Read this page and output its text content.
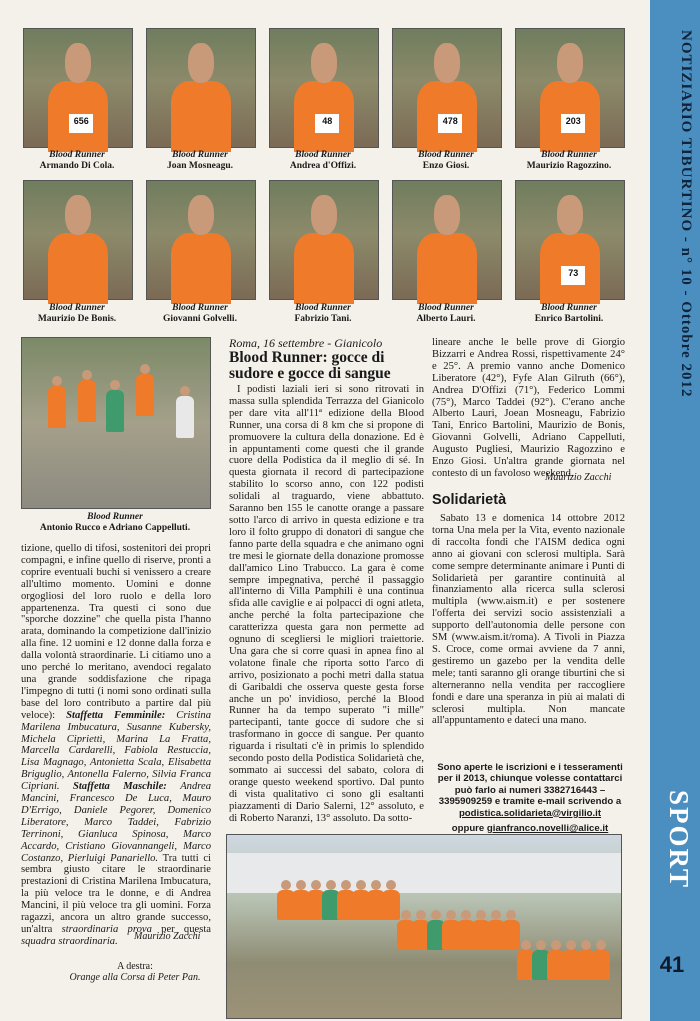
NOTIZIARIO TIBURTINO - n° 10 - Ottobre 2012
SPORT
41
656
Blood Runner
Armando Di Cola.
Blood Runner
Joan Mosneagu.
48
Blood Runner
Andrea d'Offizi.
478
Blood Runner
Enzo Giosi.
203
Blood Runner
Maurizio Ragozzino.
Blood Runner
Maurizio De Bonis.
Blood Runner
Giovanni Golvelli.
Blood Runner
Fabrizio Tani.
Blood Runner
Alberto Lauri.
73
Blood Runner
Enrico Bartolini.
Blood Runner
Antonio Rucco e Adriano Cappelluti.
Roma, 16 settembre - Gianicolo
Blood Runner: gocce di sudore e gocce di sangue

I podisti laziali ieri si sono ritrovati in massa sulla splendida Terrazza del Gianicolo per dare vita all'11ª edizione della Blood Runner, una corsa di 8 km che si propone di promuovere la cultura della donazione. Ed è in appuntamenti come questi che il grande cuore della Podistica da il meglio di sé. In questa giornata il record di partecipazione stabilito lo scorso anno, con 122 podisti solidali al traguardo, viene abbattuto. Saranno ben 155 le canotte orange a passare sotto l'arco di arrivo in questa edizione e tra loro il folto gruppo di donatori di sangue che fanno parte della squadra e che animano ogni tre mesi le giornate della donazione promosse dall'amico Lino Trabucco. La gara è come sempre impegnativa, perché il passaggio all'interno di Villa Pamphili è una continua sfida alle caviglie e ai polpacci di ogni atleta, anche perché la folta partecipazione che caratterizza questa gara non permette ad ognuno di scegliersi le migliori traiettorie. Una gara che si corre quasi in apnea fino al volatone finale che riporta sotto l'arco di arrivo, posizionato a pochi metri dalla statua di Garibaldi che osserva queste gesta forse anche un po' invidioso, perché la Blood Runner ha da tempo superato "i mille" partecipanti, tante gocce di sudore che si trasformano in gocce di sangue. Per quanto riguarda i risultati c'è in primis lo splendido secondo posto della Podistica Solidarietà che, sommato ai successi del sabato, colora di orange questo weekend sportivo. Dal punto di vista qualitativo ci sono gli esaltanti piazzamenti di Dario Salerni, 12° assoluto, e di Roberto Naranzi, 13° assoluto. Da sotto-

lineare anche le belle prove di Giorgio Bizzarri e Andrea Rossi, rispettivamente 24° e 25°. A premio vanno anche Domenico Liberatore (42°), Fyfe Alan Gilruth (66°), Andrea D'Offizi (71°), Federico Lommi (75°), Marco Taddei (92°). C'erano anche Alberto Lauri, Joean Mosneagu, Fabrizio Tani, Enrico Bartolini, Maurizio de Bonis, Giovanni Golvelli, Adriano Cappelluti, Augusto Pugliesi, Maurizio Ragozzino e Enzo Giosi. Un'altra grande giornata nel contesto di un favoloso weekend.

Maurizio Zacchi
Solidarietà

Sabato 13 e domenica 14 ottobre 2012 torna Una mela per la Vita, evento nazionale di raccolta fondi che l'AISM dedica ogni anno ai giovani con sclerosi multipla. Sarà come sempre determinante animare i Punti di Solidarietà per garantire continuità al finanziamento alla ricerca sulla sclerosi multipla (www.aism.it) e per sostenere l'offerta dei servizi socio assistenziali a supporto dell'autonomia delle persone con SM (www.aism.it/roma). A Tivoli in Piazza S. Croce, come ormai avviene da 7 anni, gestiremo un gazebo per la vendita delle mele; tanti saranno gli orange tiburtini che si alterneranno nella vendita per raccogliere fondi e dare una speranza in più ai malati di sclerosi multipla. Non mancate all'appuntamento e dateci una mano.

Sono aperte le iscrizioni e i tesseramenti per il 2013, chiunque volesse contattarci può farlo ai numeri 3382716443 – 3395909259 e tramite e-mail scrivendo a
podistica.solidarieta@virgilio.it
oppure gianfranco.novelli@alice.it

tizione, quello di tifosi, sostenitori dei propri compagni, e infine quello di riserve, pronti a coprire eventuali buchi si venissero a creare all'ultimo momento. Uomini e donne orgogliosi del loro ruolo e della loro appartenenza. Tra questi ci sono due "sporche dozzine" che quella pista l'hanno arata, dominando la competizione dall'inizio alla fine. 12 uomini e 12 donne dalla forza e dalla volontà straordinarie. Li citiamo uno a uno perché lo meritano, avendoci regalato una grande soddisfazione che ripaga l'impegno di tutti (i nomi sono ordinati sulla base del loro contributo a partire dal più veloce): Staffetta Femminile: Cristina Marilena Imbucatura, Susanne Kubersky, Michela Cipriettì, Marina La Fratta, Marcella Cardarelli, Fabiola Restuccia, Lisa Magnago, Antonietta Scala, Elisabetta Briguglio, Antonella Falerno, Silvia Franca Cipriani. Staffetta Maschile: Andrea Mancini, Francesco De Luca, Mauro D'Errigo, Daniele Pegorer, Domenico Liberatore, Marco Taddei, Fabrizio Terrinoni, Gianluca Spinosa, Marco Accardo, Cristiano Giovannangeli, Marco Costanzo, Pierluigi Panariello. Tra tutti ci sembra giusto citare le straordinarie prestazioni di Cristina Marilena Imbucatura, la più veloce tra le donne, e di Andrea Mancini, il più veloce tra gli uomini. Forza ragazzi, ancora un altro grande successo, un'altra straordinaria prova per questa squadra straordinaria.	Maurizio Zacchi
A destra:
Orange alla Corsa di Peter Pan.
